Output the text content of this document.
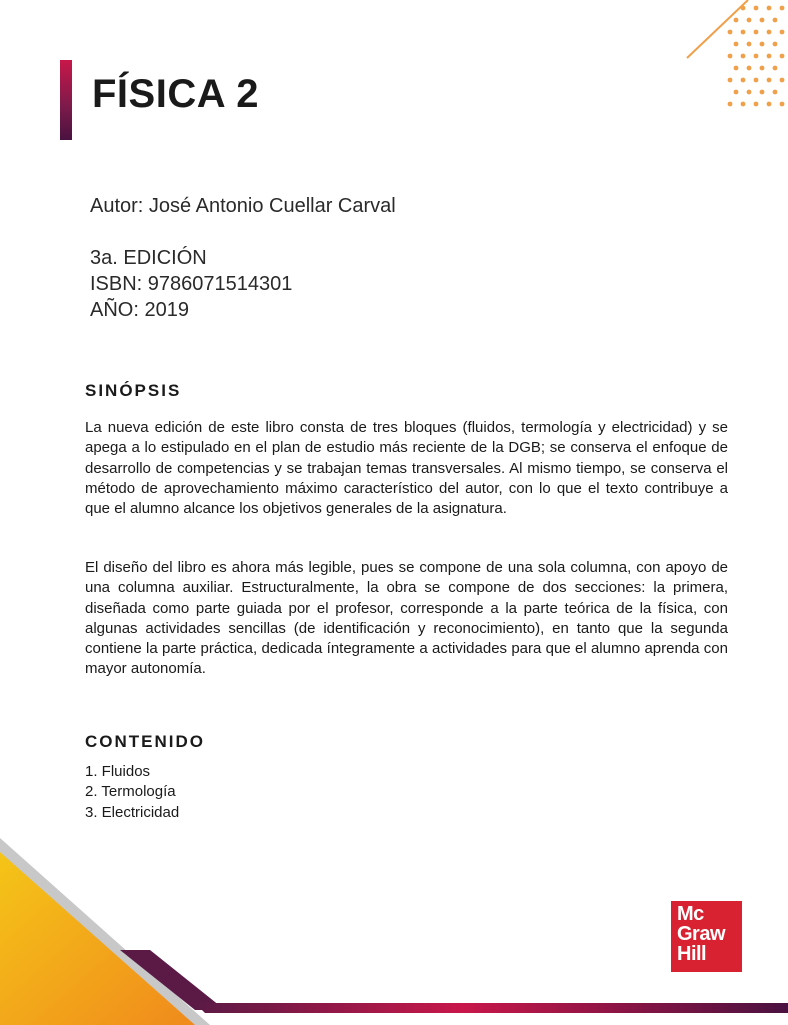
FÍSICA 2
Autor: José Antonio Cuellar Carval
3a. EDICIÓN
ISBN: 9786071514301
AÑO: 2019
SINÓPSIS

La nueva edición de este libro consta de tres bloques (fluidos, termología y electricidad) y se apega a lo estipulado en el plan de estudio más reciente de la DGB; se conserva el enfoque de desarrollo de competencias y se trabajan temas transversales. Al mismo tiempo, se conserva el método de aprovechamiento máximo característico del autor, con lo que el texto contribuye a que el alumno alcance los objetivos generales de la asignatura.

El diseño del libro es ahora más legible, pues se compone de una sola columna, con apoyo de una columna auxiliar. Estructuralmente, la obra se compone de dos secciones: la primera, diseñada como parte guiada por el profesor, corresponde a la parte teórica de la física, con algunas actividades sencillas (de identificación y reconocimiento), en tanto que la segunda contiene la parte práctica, dedicada íntegramente a actividades para que el alumno aprenda con mayor autonomía.

CONTENIDO
1. Fluidos
2. Termología
3. Electricidad
Mc
Graw
Hill
